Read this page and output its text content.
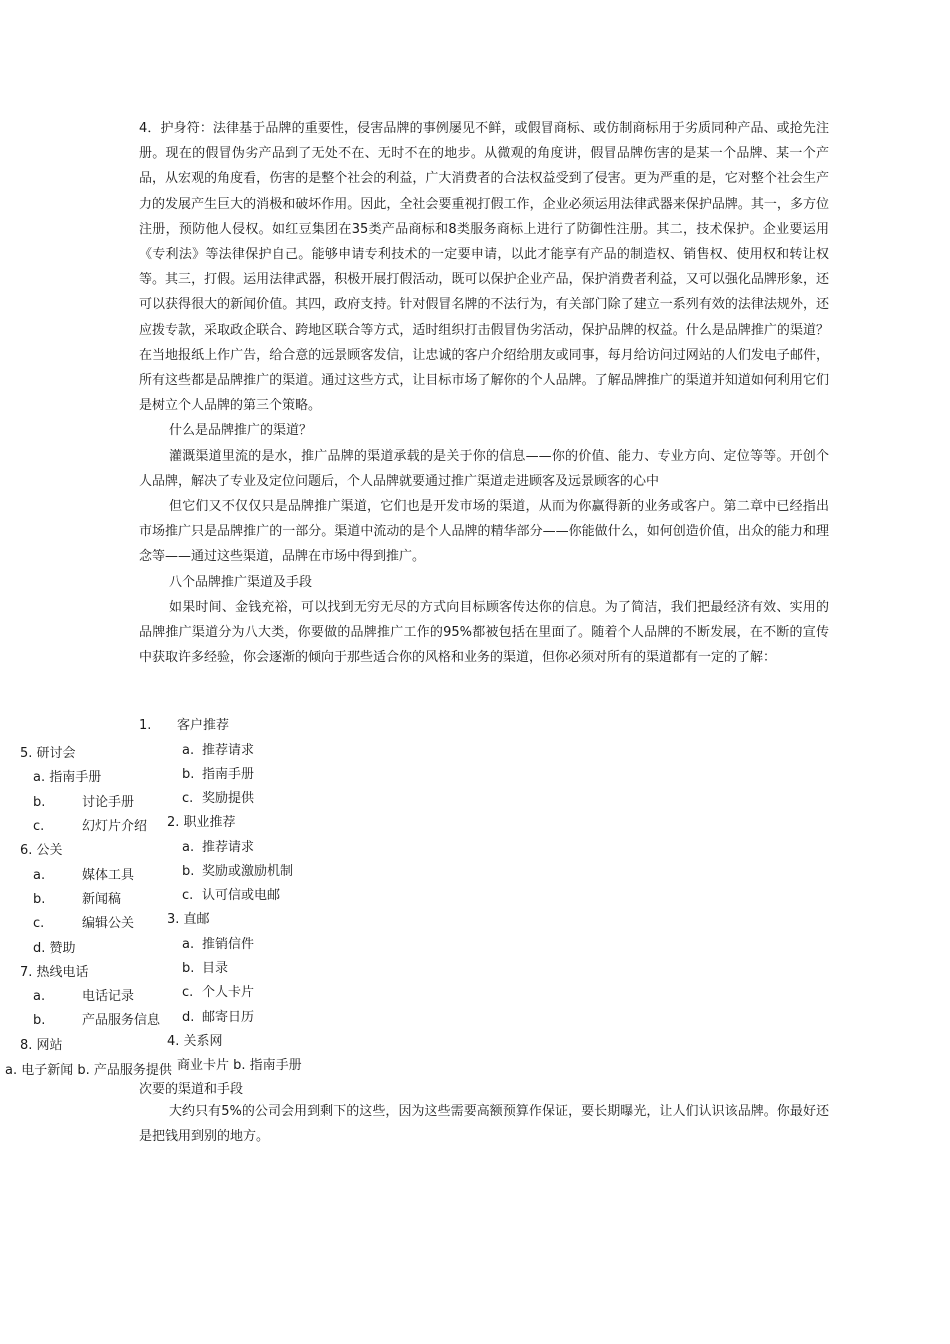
4．护身符：法律基于品牌的重要性，侵害品牌的事例屡见不鲜，或假冒商标、或仿制商标用于劣质同种产品、或抢先注册。现在的假冒伪劣产品到了无处不在、无时不在的地步。从微观的角度讲，假冒品牌伤害的是某一个品牌、某一个产品，从宏观的角度看，伤害的是整个社会的利益，广大消费者的合法权益受到了侵害。更为严重的是，它对整个社会生产力的发展产生巨大的消极和破坏作用。因此，全社会要重视打假工作，企业必须运用法律武器来保护品牌。其一，多方位注册，预防他人侵权。如红豆集团在35类产品商标和8类服务商标上进行了防御性注册。其二，技术保护。企业要运用《专利法》等法律保护自己。能够申请专利技术的一定要申请，以此才能享有产品的制造权、销售权、使用权和转让权等。其三，打假。运用法律武器，积极开展打假活动，既可以保护企业产品，保护消费者利益，又可以强化品牌形象，还可以获得很大的新闻价值。其四，政府支持。针对假冒名牌的不法行为，有关部门除了建立一系列有效的法律法规外，还应拨专款，采取政企联合、跨地区联合等方式，适时组织打击假冒伪劣活动，保护品牌的权益。什么是品牌推广的渠道？在当地报纸上作广告，给合意的远景顾客发信，让忠诚的客户介绍给朋友或同事，每月给访问过网站的人们发电子邮件，所有这些都是品牌推广的渠道。通过这些方式，让目标市场了解你的个人品牌。了解品牌推广的渠道并知道如何利用它们是树立个人品牌的第三个策略。

什么是品牌推广的渠道？

灌溉渠道里流的是水，推广品牌的渠道承载的是关于你的信息——你的价值、能力、专业方向、定位等等。开创个人品牌，解决了专业及定位问题后，个人品牌就要通过推广渠道走进顾客及远景顾客的心中

但它们又不仅仅只是品牌推广渠道，它们也是开发市场的渠道，从而为你赢得新的业务或客户。第二章中已经指出市场推广只是品牌推广的一部分。渠道中流动的是个人品牌的精华部分——你能做什么，如何创造价值，出众的能力和理念等——通过这些渠道，品牌在市场中得到推广。

八个品牌推广渠道及手段

如果时间、金钱充裕，可以找到无穷无尽的方式向目标顾客传达你的信息。为了简洁，我们把最经济有效、实用的品牌推广渠道分为八大类，你要做的品牌推广工作的95%都被包括在里面了。随着个人品牌的不断发展，在不断的宣传中获取许多经验，你会逐渐的倾向于那些适合你的风格和业务的渠道，但你必须对所有的渠道都有一定的了解：

1. 客户推荐
a. 推荐请求
b. 指南手册
c. 奖励提供
2. 职业推荐
a. 推荐请求
b. 奖励或激励机制
c. 认可信或电邮
3. 直邮
a. 推销信件
b. 目录
c. 个人卡片
d. 邮寄日历
4. 关系网
商业卡片 b. 指南手册
5. 研讨会
a. 指南手册
b.	讨论手册
c.	幻灯片介绍
6. 公关
a.	媒体工具
b.	新闻稿
c.	编辑公关
d. 赞助
7. 热线电话
a.	电话记录
b.	产品服务信息
8. 网站
a. 电子新闻 b. 产品服务提供
次要的渠道和手段

大约只有5%的公司会用到剩下的这些，因为这些需要高额预算作保证，要长期曝光，让人们认识该品牌。你最好还是把钱用到别的地方。
